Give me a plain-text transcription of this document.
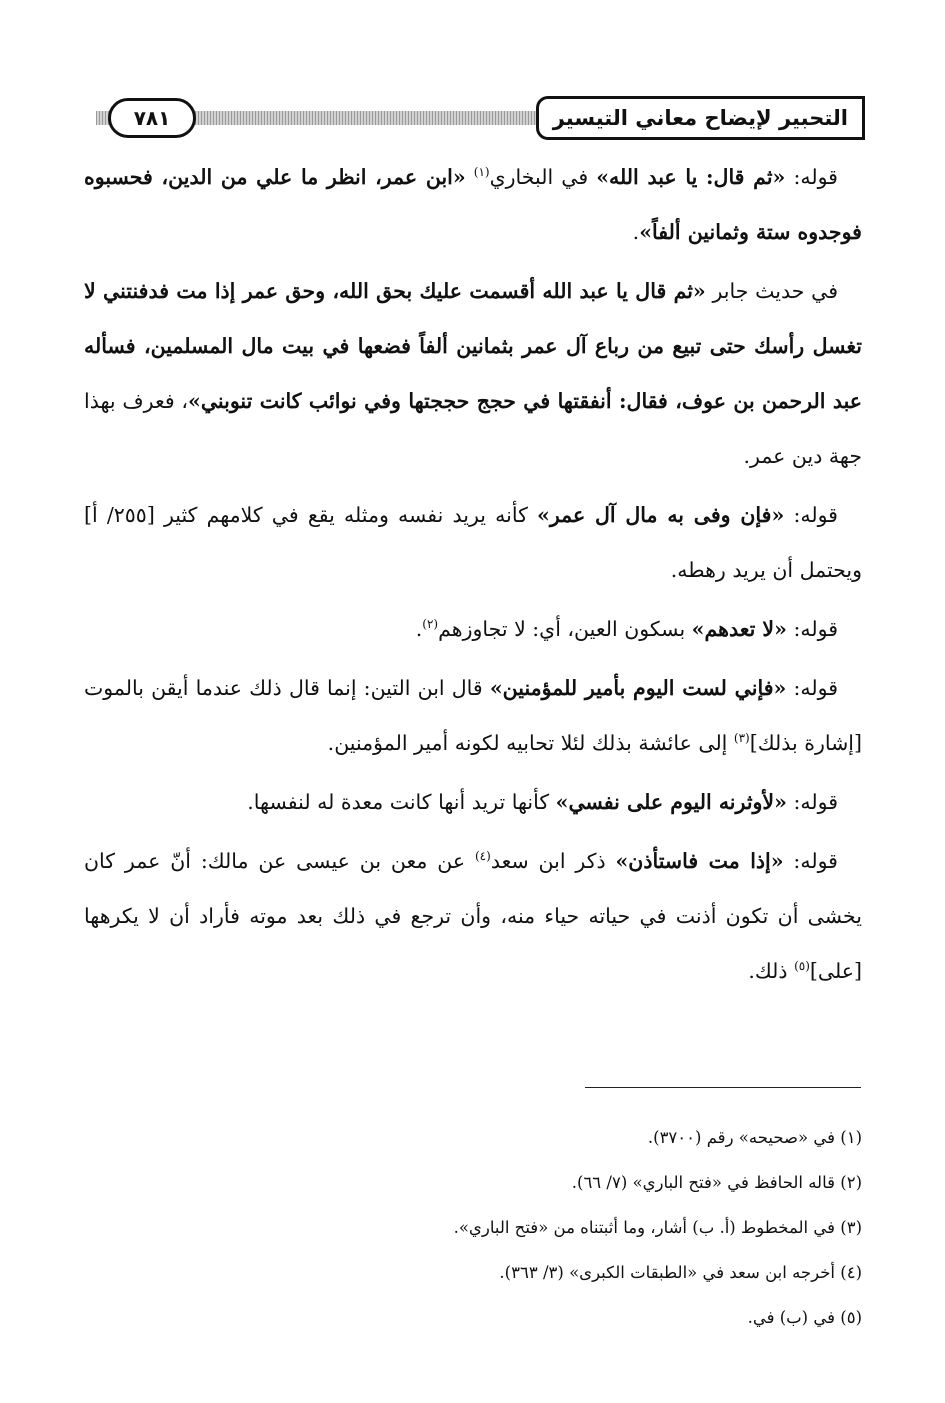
٧٨١	التحبير لإيضاح معاني التيسير

قوله: «ثم قال: يا عبد الله» في البخاري$^{(١)}$ «ابن عمر، انظر ما علي من الدين، فحسبوه فوجدوه ستة وثمانين ألفاً».

في حديث جابر «ثم قال يا عبد الله أقسمت عليك بحق الله، وحق عمر إذا مت فدفنتني لا تغسل رأسك حتى تبيع من رباع آل عمر بثمانين ألفاً فضعها في بيت مال المسلمين، فسأله عبد الرحمن بن عوف، فقال: أنفقتها في حجج حججتها وفي نوائب كانت تنوبني»، فعرف بهذا جهة دين عمر.

قوله: «فإن وفى به مال آل عمر» كأنه يريد نفسه ومثله يقع في كلامهم كثير [٢٥٥/ أ] ويحتمل أن يريد رهطه.

قوله: «لا تعدهم» بسكون العين، أي: لا تجاوزهم$^{(٢)}$.

قوله: «فإني لست اليوم بأمير للمؤمنين» قال ابن التين: إنما قال ذلك عندما أيقن بالموت [إشارة بذلك]$^{(٣)}$ إلى عائشة بذلك لئلا تحابيه لكونه أمير المؤمنين.

قوله: «لأوثرنه اليوم على نفسي» كأنها تريد أنها كانت معدة له لنفسها.

قوله: «إذا مت فاستأذن» ذكر ابن سعد$^{(٤)}$ عن معن بن عيسى عن مالك: أنّ عمر كان يخشى أن تكون أذنت في حياته حياء منه، وأن ترجع في ذلك بعد موته فأراد أن لا يكرهها [على]$^{(٥)}$ ذلك.

(١) في «صحيحه» رقم (٣٧٠٠).
(٢) قاله الحافظ في «فتح الباري» (٧/ ٦٦).
(٣) في المخطوط (أ. ب) أشار، وما أثبتناه من «فتح الباري».
(٤) أخرجه ابن سعد في «الطبقات الكبرى» (٣/ ٣٦٣).
(٥) في (ب) في.
